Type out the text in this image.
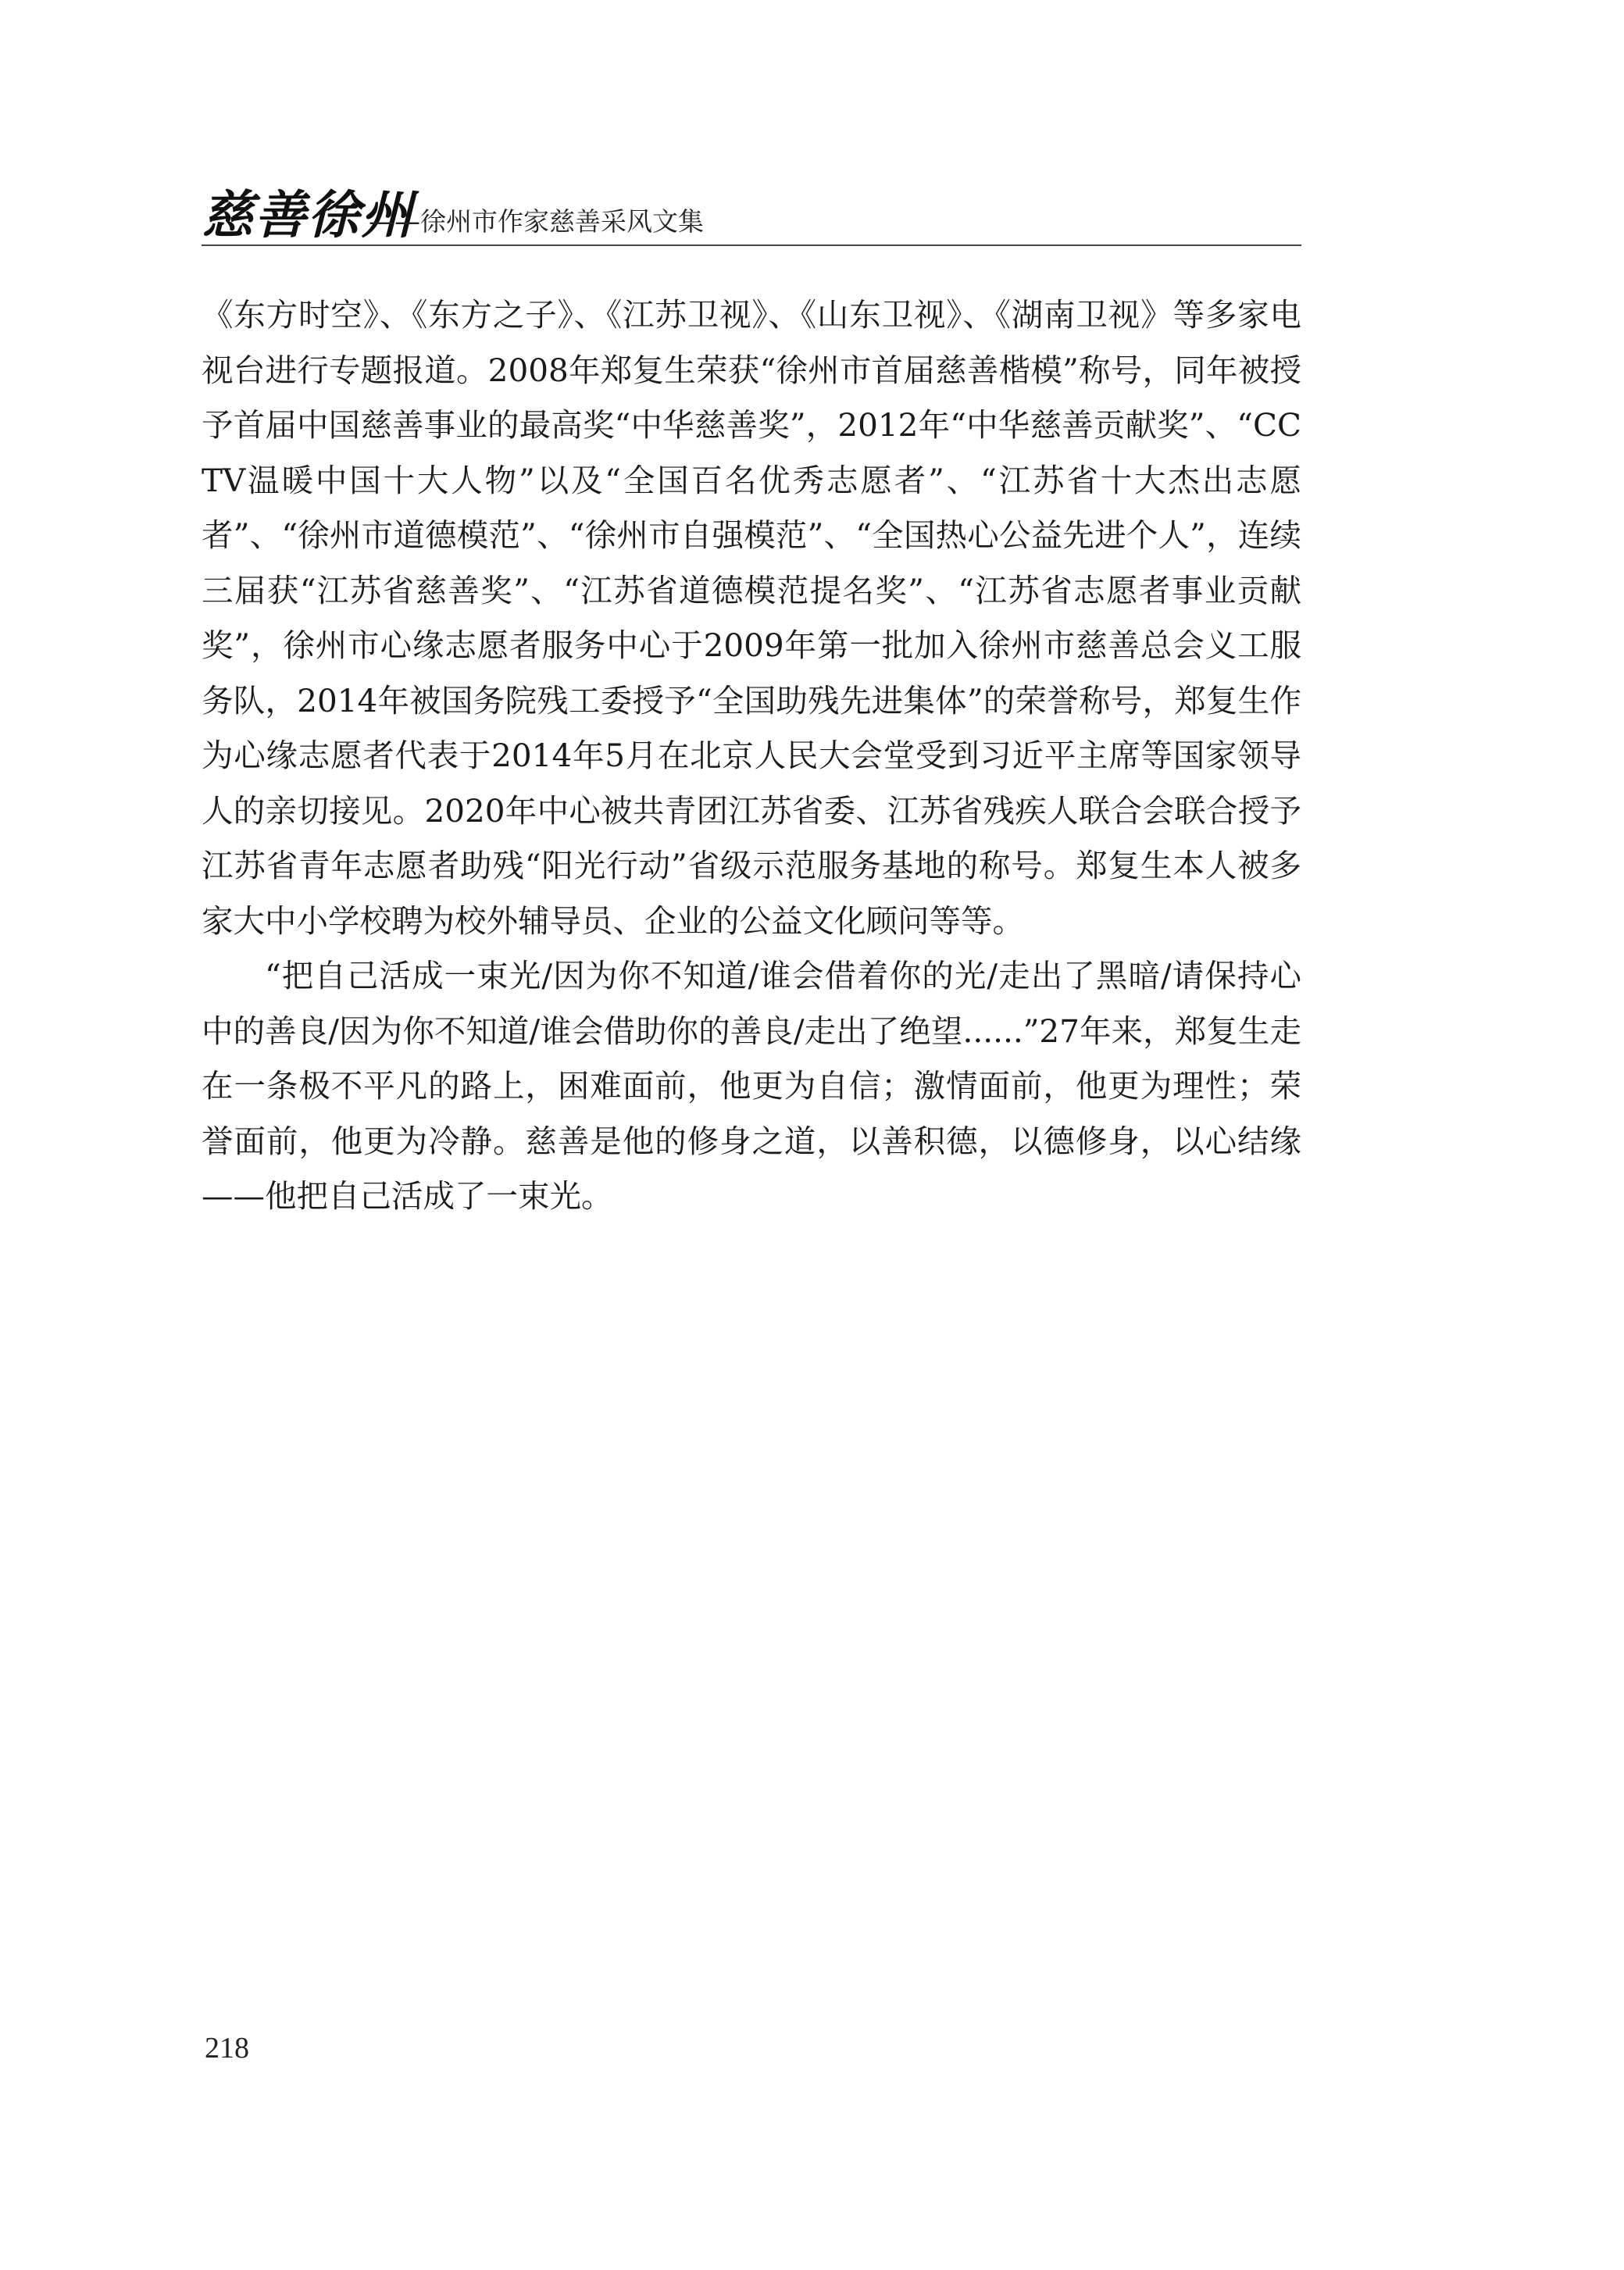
慈善徐州
——徐州市作家慈善采风文集

《东方时空》、《东方之子》、《江苏卫视》、《山东卫视》、《湖南卫视》等多家电视台进行专题报道。2008年郑复生荣获“徐州市首届慈善楷模”称号，同年被授予首届中国慈善事业的最高奖“中华慈善奖”，2012年“中华慈善贡献奖”、“CCTV温暖中国十大人物”以及“全国百名优秀志愿者”、“江苏省十大杰出志愿者”、“徐州市道德模范”、“徐州市自强模范”、“全国热心公益先进个人”，连续三届获“江苏省慈善奖”、“江苏省道德模范提名奖”、“江苏省志愿者事业贡献奖”，徐州市心缘志愿者服务中心于2009年第一批加入徐州市慈善总会义工服务队，2014年被国务院残工委授予“全国助残先进集体”的荣誉称号，郑复生作为心缘志愿者代表于2014年5月在北京人民大会堂受到习近平主席等国家领导人的亲切接见。2020年中心被共青团江苏省委、江苏省残疾人联合会联合授予江苏省青年志愿者助残“阳光行动”省级示范服务基地的称号。郑复生本人被多家大中小学校聘为校外辅导员、企业的公益文化顾问等等。

“把自己活成一束光/因为你不知道/谁会借着你的光/走出了黑暗/请保持心中的善良/因为你不知道/谁会借助你的善良/走出了绝望......”27年来，郑复生走在一条极不平凡的路上，困难面前，他更为自信；激情面前，他更为理性；荣誉面前，他更为冷静。慈善是他的修身之道，以善积德，以德修身，以心结缘——他把自己活成了一束光。

218
